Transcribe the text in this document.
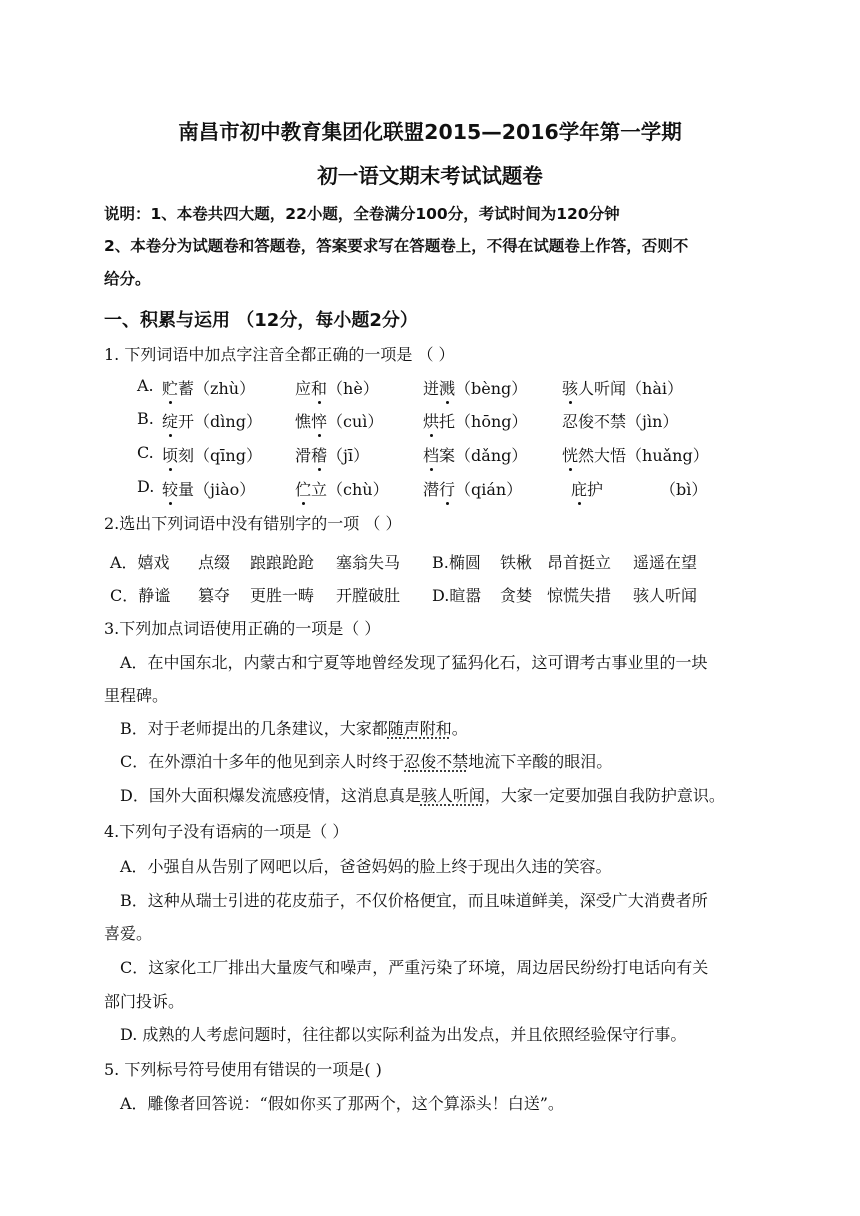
南昌市初中教育集团化联盟2015—2016学年第一学期
初一语文期末考试试题卷
说明：1、本卷共四大题，22小题，全卷满分100分，考试时间为120分钟
2、本卷分为试题卷和答题卷，答案要求写在答题卷上，不得在试题卷上作答，否则不
给分。
一、积累与运用 （12分，每小题2分）
1. 下列词语中加点字注音全都正确的一项是 （ ）
A. 贮蓄（zhù） 应和（hè）	迸溅（bèng） 骇人听闻（hài）
B. 绽开（dìng） 憔悴（cuì） 烘托（hōng） 忍俊不禁（jìn）
C. 顷刻（qīng） 滑稽（jī）	档案（dǎng） 恍然大悟（huǎng）
D. 较量（jiào） 伫立（chù） 潜行（qián）	庇护	（bì）
2.选出下列词语中没有错别字的一项 （ ）
A．嬉戏 点缀 踉踉跄跄 塞翁失马 B.椭圆 铁楸 昂首挺立 遥遥在望
C．静谧 篡夺 更胜一畴 开膛破肚 D.暄嚣 贪婪 惊慌失措 骇人听闻
3.下列加点词语使用正确的一项是（ ）
A．在中国东北，内蒙古和宁夏等地曾经发现了猛犸化石，这可谓考古事业里的一块
里程碑。
B．对于老师提出的几条建议，大家都随声附和。
C．在外漂泊十多年的他见到亲人时终于忍俊不禁地流下辛酸的眼泪。
D．国外大面积爆发流感疫情，这消息真是骇人听闻，大家一定要加强自我防护意识。
4.下列句子没有语病的一项是（ ）
A．小强自从告别了网吧以后，爸爸妈妈的脸上终于现出久违的笑容。
B．这种从瑞士引进的花皮茄子，不仅价格便宜，而且味道鲜美，深受广大消费者所
喜爱。
C．这家化工厂排出大量废气和噪声，严重污染了环境，周边居民纷纷打电话向有关
部门投诉。
D. 成熟的人考虑问题时，往往都以实际利益为出发点，并且依照经验保守行事。
5. 下列标号符号使用有错误的一项是( )
A．雕像者回答说：“假如你买了那两个，这个算添头！白送”。
